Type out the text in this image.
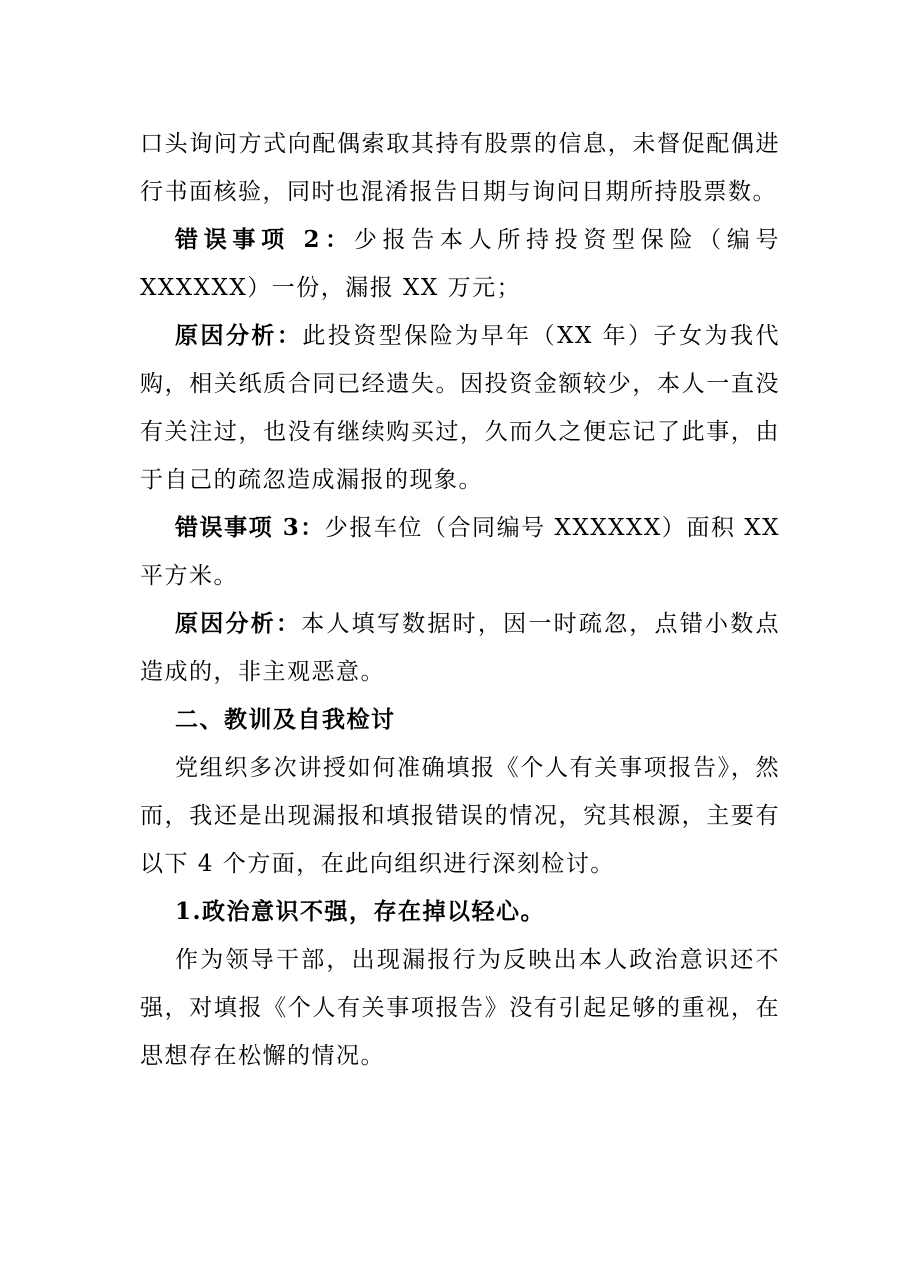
口头询问方式向配偶索取其持有股票的信息，未督促配偶进行书面核验，同时也混淆报告日期与询问日期所持股票数。

错误事项 2：少报告本人所持投资型保险（编号XXXXXX）一份，漏报 XX 万元；

原因分析：此投资型保险为早年（XX 年）子女为我代购，相关纸质合同已经遗失。因投资金额较少，本人一直没有关注过，也没有继续购买过，久而久之便忘记了此事，由于自己的疏忽造成漏报的现象。

错误事项 3：少报车位（合同编号 XXXXXX）面积 XX 平方米。

原因分析：本人填写数据时，因一时疏忽，点错小数点造成的，非主观恶意。

二、教训及自我检讨

党组织多次讲授如何准确填报《个人有关事项报告》，然而，我还是出现漏报和填报错误的情况，究其根源，主要有以下 4 个方面，在此向组织进行深刻检讨。

1.政治意识不强，存在掉以轻心。

作为领导干部，出现漏报行为反映出本人政治意识还不强，对填报《个人有关事项报告》没有引起足够的重视，在思想存在松懈的情况。
